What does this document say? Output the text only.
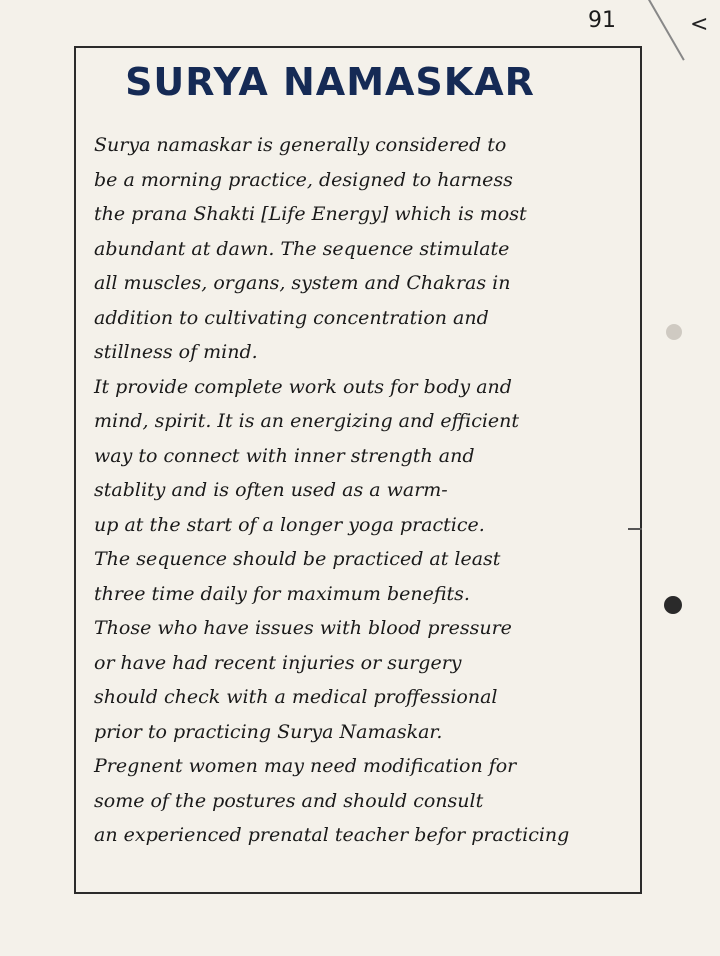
91	<
SURYA NAMASKAR
Surya namaskar is generally considered to
be a morning practice, designed to harness
the prana Shakti [Life Energy] which is most
abundant at dawn. The sequence stimulate
all muscles, organs, system and Chakras in
addition to cultivating concentration and
stillness of mind.
It provide complete work outs for body and
mind, spirit. It is an energizing and efficient
way to connect with inner strength and
stablity and is often used as a warm-
up at the start of a longer yoga practice.
The sequence should be practiced at least
three time daily for maximum benefits.
Those who have issues with blood pressure
or have had recent injuries or surgery
should check with a medical proffessional
prior to practicing Surya Namaskar.
Pregnent women may need modification for
some of the postures and should consult
an experienced prenatal teacher befor practicing
